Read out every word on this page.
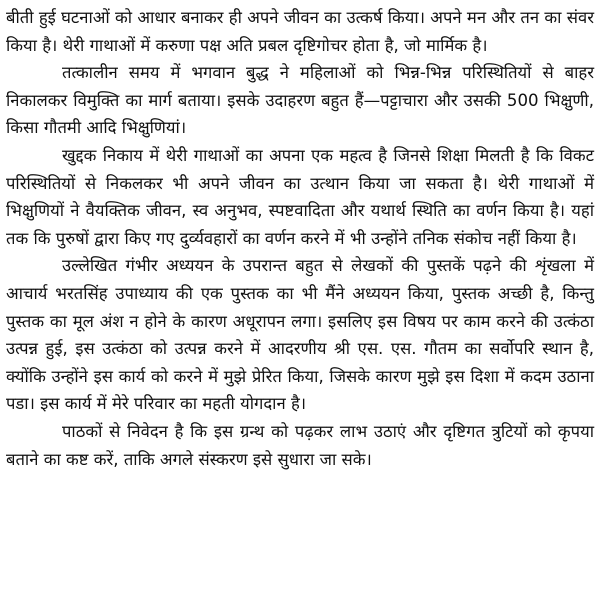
बीती हुई घटनाओं को आधार बनाकर ही अपने जीवन का उत्कर्ष किया। अपने मन और तन का संवर किया है। थेरी गाथाओं में करुणा पक्ष अति प्रबल दृष्टिगोचर होता है, जो मार्मिक है।

तत्कालीन समय में भगवान बुद्ध ने महिलाओं को भिन्न-भिन्न परिस्थितियों से बाहर निकालकर विमुक्ति का मार्ग बताया। इसके उदाहरण बहुत हैं—पट्टाचारा और उसकी 500 भिक्षुणी, किसा गौतमी आदि भिक्षुणियां।

खुद्दक निकाय में थेरी गाथाओं का अपना एक महत्व है जिनसे शिक्षा मिलती है कि विकट परिस्थितियों से निकलकर भी अपने जीवन का उत्थान किया जा सकता है। थेरी गाथाओं में भिक्षुणियों ने वैयक्तिक जीवन, स्व अनुभव, स्पष्टवादिता और यथार्थ स्थिति का वर्णन किया है। यहां तक कि पुरुषों द्वारा किए गए दुर्व्यवहारों का वर्णन करने में भी उन्होंने तनिक संकोच नहीं किया है।

उल्लेखित गंभीर अध्ययन के उपरान्त बहुत से लेखकों की पुस्तकें पढ़ने की शृंखला में आचार्य भरतसिंह उपाध्याय की एक पुस्तक का भी मैंने अध्ययन किया, पुस्तक अच्छी है, किन्तु पुस्तक का मूल अंश न होने के कारण अधूरापन लगा। इसलिए इस विषय पर काम करने की उत्कंठा उत्पन्न हुई, इस उत्कंठा को उत्पन्न करने में आदरणीय श्री एस. एस. गौतम का सर्वोपरि स्थान है, क्योंकि उन्होंने इस कार्य को करने में मुझे प्रेरित किया, जिसके कारण मुझे इस दिशा में कदम उठाना पडा। इस कार्य में मेरे परिवार का महती योगदान है।

पाठकों से निवेदन है कि इस ग्रन्थ को पढ़कर लाभ उठाएं और दृष्टिगत त्रुटियों को कृपया बताने का कष्ट करें, ताकि अगले संस्करण इसे सुधारा जा सके।
